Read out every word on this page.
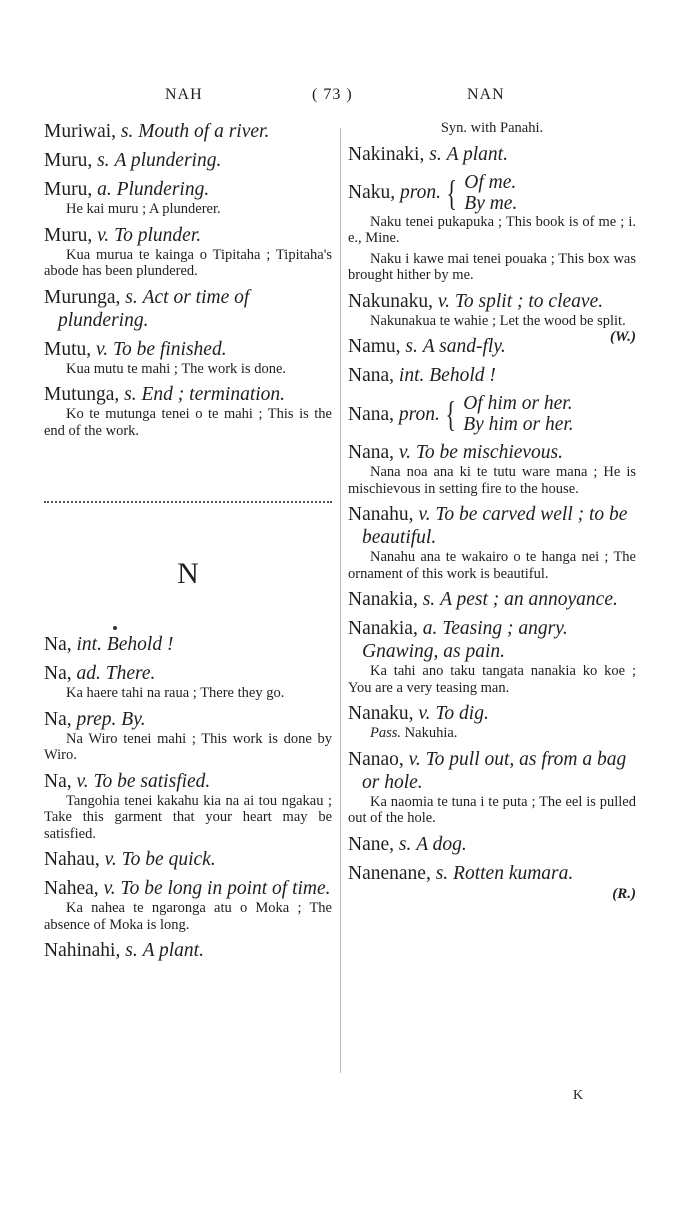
NAH	( 73 )	NAN
Muriwai, s. Mouth of a river.
Muru, s. A plundering.
Muru, a. Plundering.
He kai muru ; A plunderer.
Muru, v. To plunder.
Kua murua te kainga o Tipitaha ; Tipitaha's abode has been plundered.
Murunga, s. Act or time of plundering.
Mutu, v. To be finished.
Kua mutu te mahi ; The work is done.
Mutunga, s. End ; termination.
Ko te mutunga tenei o te mahi ; This is the end of the work.
N
Na, int. Behold !
Na, ad. There.
Ka haere tahi na raua ; There they go.
Na, prep. By.
Na Wiro tenei mahi ; This work is done by Wiro.
Na, v. To be satisfied.
Tangohia tenei kakahu kia na ai tou ngakau ; Take this garment that your heart may be satisfied.
Nahau, v. To be quick.
Nahea, v. To be long in point of time.
Ka nahea te ngaronga atu o Moka ; The absence of Moka is long.
Nahinahi, s. A plant.
Syn. with Panahi.
Nakinaki, s. A plant.
Naku,
pron. { Of me.
By me.
Naku tenei pukapuka ; This book is of me ; i. e., Mine.
Naku i kawe mai tenei pouaka ; This box was brought hither by me.
Nakunaku, v. To split ; to cleave.
Nakunakua te wahie ; Let the wood be split.
(W.)
Namu, s. A sand-fly.
Nana, int. Behold !
Nana,
pron. { Of him or her.
By him or her.
Nana, v. To be mischievous.
Nana noa ana ki te tutu ware mana ; He is mischievous in setting fire to the house.
Nanahu, v. To be carved well ; to be beautiful.
Nanahu ana te wakairo o te hanga nei ; The ornament of this work is beautiful.
Nanakia, s. A pest ; an annoyance.
Nanakia, a. Teasing ; angry. Gnawing, as pain.
Ka tahi ano taku tangata nanakia ko koe ; You are a very teasing man.
Nanaku, v. To dig.
Pass. Nakuhia.
Nanao, v. To pull out, as from a bag or hole.
Ka naomia te tuna i te puta ; The eel is pulled out of the hole.
Nane, s. A dog.
Nanenane, s. Rotten kumara.
(R.)
K
